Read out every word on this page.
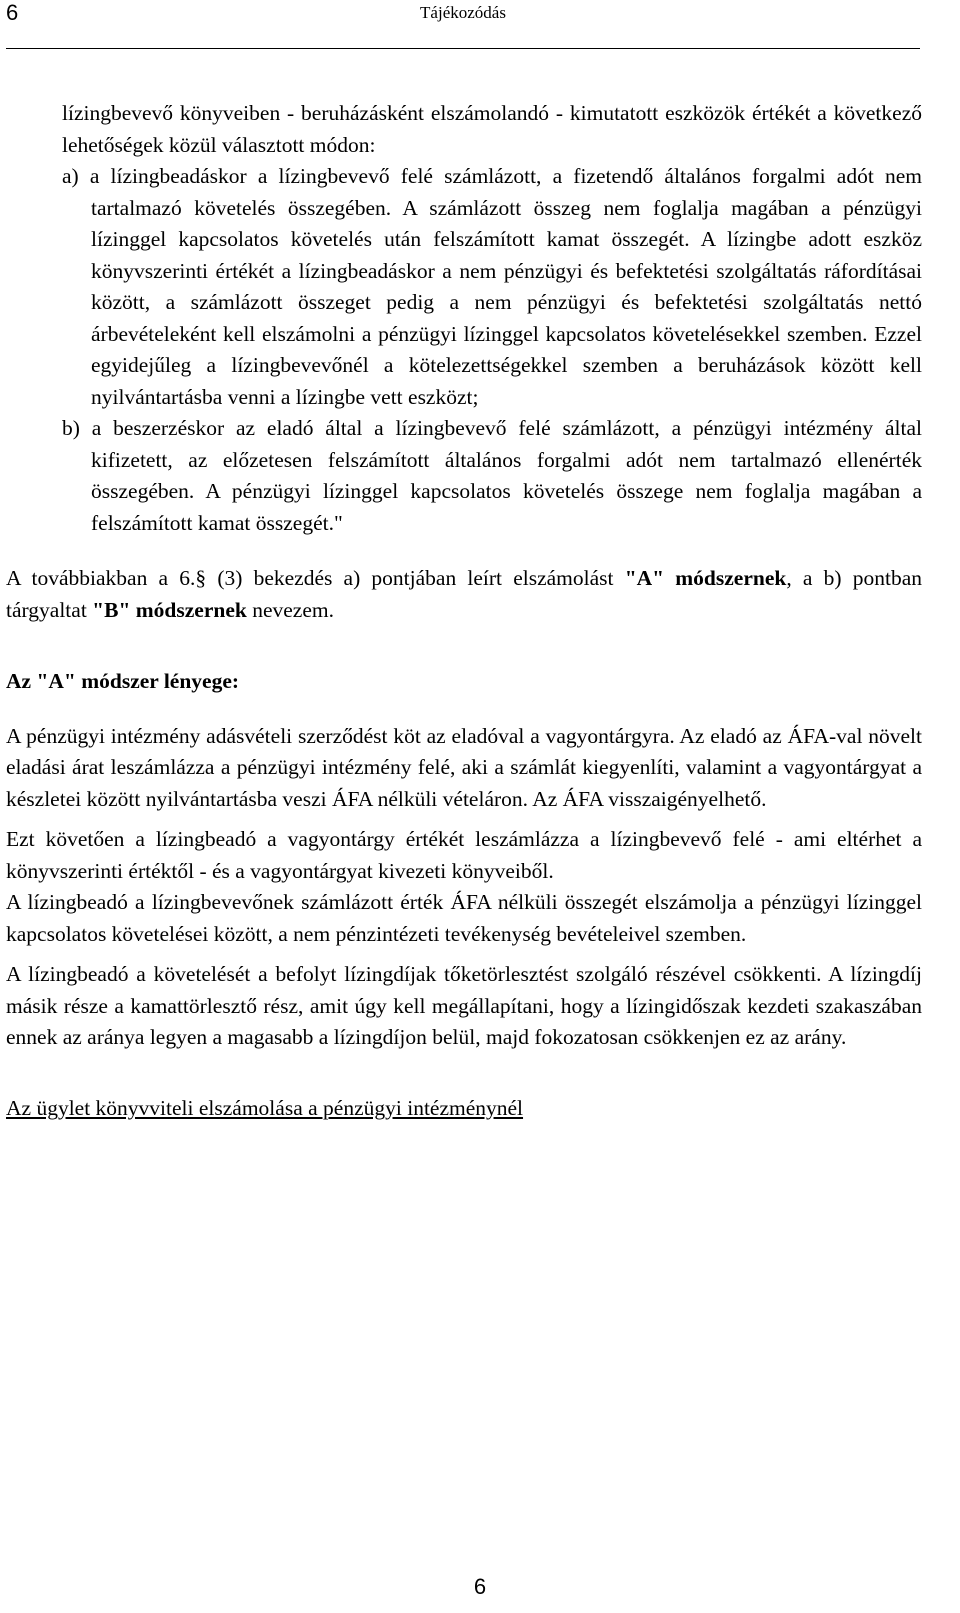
6	Tájékozódás

lízingbevevő könyveiben - beruházásként elszámolandó - kimutatott eszközök értékét a következő lehetőségek közül választott módon:

a) a lízingbeadáskor a lízingbevevő felé számlázott, a fizetendő általános forgalmi adót nem tartalmazó követelés összegében. A számlázott összeg nem foglalja magában a pénzügyi lízinggel kapcsolatos követelés után felszámított kamat összegét. A lízingbe adott eszköz könyvszerinti értékét a lízingbeadáskor a nem pénzügyi és befektetési szolgáltatás ráfordításai között, a számlázott összeget pedig a nem pénzügyi és befektetési szolgáltatás nettó árbevételeként kell elszámolni a pénzügyi lízinggel kapcsolatos követelésekkel szemben. Ezzel egyidejűleg a lízingbevevőnél a kötelezettségekkel szemben a beruházások között kell nyilvántartásba venni a lízingbe vett eszközt;

b) a beszerzéskor az eladó által a lízingbevevő felé számlázott, a pénzügyi intézmény által kifizetett, az előzetesen felszámított általános forgalmi adót nem tartalmazó ellenérték összegében. A pénzügyi lízinggel kapcsolatos követelés összege nem foglalja magában a felszámított kamat összegét."

A továbbiakban a 6.§ (3) bekezdés a) pontjában leírt elszámolást "A" módszernek, a b) pontban tárgyaltat "B" módszernek nevezem.

Az "A" módszer lényege:

A pénzügyi intézmény adásvételi szerződést köt az eladóval a vagyontárgyra. Az eladó az ÁFA-val növelt eladási árat leszámlázza a pénzügyi intézmény felé, aki a számlát kiegyenlíti, valamint a vagyontárgyat a készletei között nyilvántartásba veszi ÁFA nélküli vételáron. Az ÁFA visszaigényelhető.

Ezt követően a lízingbeadó a vagyontárgy értékét leszámlázza a lízingbevevő felé - ami eltérhet a könyvszerinti értéktől - és a vagyontárgyat kivezeti könyveiből.

A lízingbeadó a lízingbevevőnek számlázott érték ÁFA nélküli összegét elszámolja a pénzügyi lízinggel kapcsolatos követelései között, a nem pénzintézeti tevékenység bevételeivel szemben.

A lízingbeadó a követelését a befolyt lízingdíjak tőketörlesztést szolgáló részével csökkenti. A lízingdíj másik része a kamattörlesztő rész, amit úgy kell megállapítani, hogy a lízingidőszak kezdeti szakaszában ennek az aránya legyen a magasabb a lízingdíjon belül, majd fokozatosan csökkenjen ez az arány.

Az ügylet könyvviteli elszámolása a pénzügyi intézménynél

6
